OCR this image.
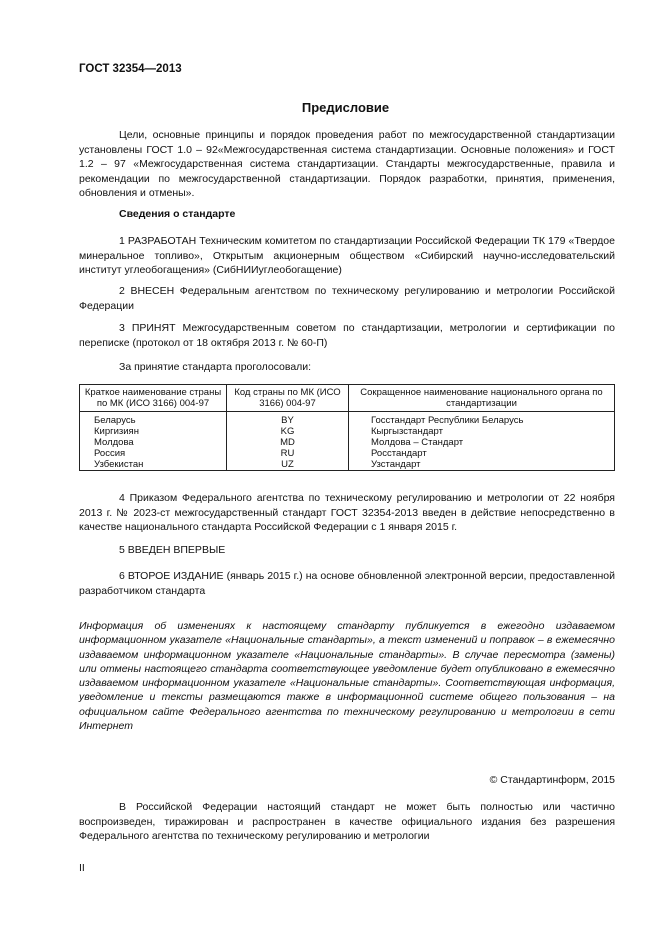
ГОСТ 32354—2013
Предисловие

Цели, основные принципы и порядок проведения работ по межгосударственной стандартизации установлены ГОСТ 1.0 – 92«Межгосударственная система стандартизации. Основные положения» и ГОСТ 1.2 – 97 «Межгосударственная система стандартизации. Стандарты межгосударственные, правила и рекомендации по межгосударственной стандартизации. Порядок разработки, принятия, применения, обновления и отмены».

Сведения о стандарте

1 РАЗРАБОТАН Техническим комитетом по стандартизации Российской Федерации ТК 179 «Твердое минеральное топливо», Открытым акционерным обществом «Сибирский научно-исследовательский институт углеобогащения» (СибНИИуглеобогащение)

2 ВНЕСЕН Федеральным агентством по техническому регулированию и метрологии Российской Федерации

3 ПРИНЯТ Межгосударственным советом по стандартизации, метрологии и сертификации по переписке (протокол от 18 октября 2013 г. № 60-П)

За принятие стандарта проголосовали:
Краткое наименование страны по МК (ИСО 3166) 004-97	Код страны по МК (ИСО 3166) 004-97	Сокращенное наименование национального органа по стандартизации
Беларусь	BY	Госстандарт Республики Беларусь
Киргизиян	KG	Кыргызстандарт
Молдова	MD	Молдова – Стандарт
Россия	RU	Росстандарт
Узбекистан	UZ	Узстандарт

4 Приказом Федерального агентства по техническому регулированию и метрологии от 22 ноября 2013 г. № 2023-ст межгосударственный стандарт ГОСТ 32354-2013 введен в действие непосредственно в качестве национального стандарта Российской Федерации с 1 января 2015 г.

5 ВВЕДЕН ВПЕРВЫЕ

6 ВТОРОЕ ИЗДАНИЕ (январь 2015 г.) на основе обновленной электронной версии, предоставленной разработчиком стандарта

Информация об изменениях к настоящему стандарту публикуется в ежегодно издаваемом информационном указателе «Национальные стандарты», а текст изменений и поправок – в ежемесячно издаваемом информационном указателе «Национальные стандарты». В случае пересмотра (замены) или отмены настоящего стандарта соответствующее уведомление будет опубликовано в ежемесячно издаваемом информационном указателе «Национальные стандарты». Соответствующая информация, уведомление и тексты размещаются также в информационной системе общего пользования – на официальном сайте Федерального агентства по техническому регулированию и метрологии в сети Интернет

© Стандартинформ, 2015

В Российской Федерации настоящий стандарт не может быть полностью или частично воспроизведен, тиражирован и распространен в качестве официального издания без разрешения Федерального агентства по техническому регулированию и метрологии

II
